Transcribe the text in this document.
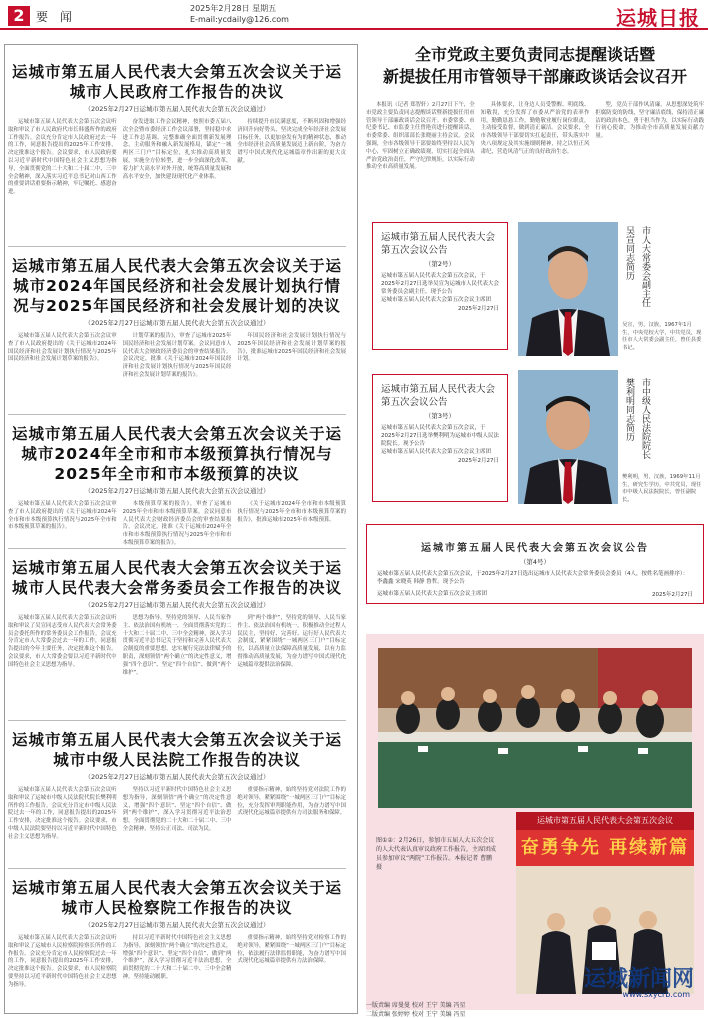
2 要 闻
2025年2月28日 星期五
E-mail:ycdaily@126.com	运城日报
运城市第五届人民代表大会第五次会议关于运城市人民政府工作报告的决议
（2025年2月27日运城市第五届人民代表大会第五次会议通过）

运城市第五届人民代表大会第五次会议听取和审议了市人民政府代市长韩盛所作的政府工作报告。会议充分肯定市人民政府过去一年的工作，同意报告提出的2025年工作安排，决定批准这个报告。会议要求，市人民政府要以习近平新时代中国特色社会主义思想为指导，全面贯彻党的二十大和二十届二中、三中全会精神，深入落实习近平总书记对山西工作的重要讲话重要指示精神，牢记嘱托、感恩奋进。

奋发进取工作会议精神，按照市委五届八次全会暨市委经济工作会议部署，坚持稳中求进工作总基调，完整准确全面贯彻新发展理念，主动服务和融入新发展格局，锚定“一城两区三门户”目标定位，扎实推动高质量发展，实施全方位转型，进一步全面深化改革，着力扩大高水平对外开放，统筹高质量发展和高水平安全，加快建设现代化产业体系。

持续提升市民满意度，不断巩固和增强经济回升向好势头，坚决完成全年经济社会发展目标任务，以更加奋发有为的精神状态，推动全市经济社会高质量发展迈上新台阶，为奋力谱写中国式现代化运城篇章作出新的更大贡献。

运城市第五届人民代表大会第五次会议关于运城市2024年国民经济和社会发展计划执行情况与2025年国民经济和社会发展计划的决议
（2025年2月27日运城市第五届人民代表大会第五次会议通过）

运城市第五届人民代表大会第五次会议审查了市人民政府提出的《关于运城市2024年国民经济和社会发展计划执行情况与2025年国民经济和社会发展计划草案的报告》。

计划草案的报告》，审查了运城市2025年国民经济和社会发展计划草案。会议同意市人民代表大会财政经济委员会的审查结果报告。会议决定，批准《关于运城市2024年国民经济和社会发展计划执行情况与2025年国民经济和社会发展计划草案的报告》。

年国民经济和社会发展计划执行情况与2025年国民经济和社会发展计划草案的报告》，批准运城市2025年国民经济和社会发展计划。

运城市第五届人民代表大会第五次会议关于运城市2024年全市和市本级预算执行情况与2025年全市和市本级预算的决议
（2025年2月27日运城市第五届人民代表大会第五次会议通过）

运城市第五届人民代表大会第五次会议审查了市人民政府提出的《关于运城市2024年全市和市本级预算执行情况与2025年全市和市本级预算草案的报告》。

本级预算草案的报告》，审查了运城市2025年全市和市本级预算草案。会议同意市人民代表大会财政经济委员会的审查结果报告。会议决定，批准《关于运城市2024年全市和市本级预算执行情况与2025年全市和市本级预算草案的报告》。

《关于运城市2024年全市和市本级预算执行情况与2025年全市和市本级预算草案的报告》，批准运城市2025年市本级预算。

运城市第五届人民代表大会第五次会议关于运城市人民代表大会常务委员会工作报告的决议
（2025年2月27日运城市第五届人民代表大会第五次会议通过）

运城市第五届人民代表大会第五次会议听取和审议了吴宣同志受市人民代表大会常务委员会委托所作的常务委员会工作报告。会议充分肯定市人大常委会过去一年的工作，同意报告提出的今年主要任务，决定批准这个报告。会议要求，市人大常委会要以习近平新时代中国特色社会主义思想为指导。

思想为指导，坚持党的领导、人民当家作主、依法治国有机统一，全面贯彻落实党的二十大和二十届二中、三中全会精神，深入学习贯彻习近平总书记关于坚持和完善人民代表大会制度的重要思想，忠实履行宪法法律赋予的职责，深刻领悟“两个确立”的决定性意义，增强“四个意识”、坚定“四个自信”、做到“两个维护”。

到“两个维护”，坚持党的领导、人民当家作主、依法治国有机统一，积极推动全过程人民民主，坚持好、完善好、运行好人民代表大会制度，紧紧围绕“一城两区三门户”目标定位，以高质量立法保障高质量发展，以有力监督推动高质量发展，为奋力谱写中国式现代化运城篇章提供法治保障。

运城市第五届人民代表大会第五次会议关于运城市中级人民法院工作报告的决议
（2025年2月27日运城市第五届人民代表大会第五次会议通过）

运城市第五届人民代表大会第五次会议听取和审议了运城市中级人民法院代院长樊利明所作的工作报告。会议充分肯定市中级人民法院过去一年的工作，同意报告提出的2025年工作安排，决定批准这个报告。会议要求，市中级人民法院要坚持以习近平新时代中国特色社会主义思想为指导。

坚持以习近平新时代中国特色社会主义思想为指导，深刻领悟“两个确立”的决定性意义，增强“四个意识”、坚定“四个自信”、做到“两个维护”，深入学习贯彻习近平法治思想，全面贯彻党的二十大和二十届二中、三中全会精神，坚持公正司法、司法为民。

重要指示精神，始终坚持党对法院工作的绝对领导，紧紧围绕“一城两区三门户”目标定位，充分发挥审判职能作用，为奋力谱写中国式现代化运城篇章提供有力司法服务和保障。

运城市第五届人民代表大会第五次会议关于运城市人民检察院工作报告的决议
（2025年2月27日运城市第五届人民代表大会第五次会议通过）

运城市第五届人民代表大会第五次会议听取和审议了运城市人民检察院检察长所作的工作报告。会议充分肯定市人民检察院过去一年的工作，同意报告提出的2025年工作安排，决定批准这个报告。会议要求，市人民检察院要坚持以习近平新时代中国特色社会主义思想为指导。

持以习近平新时代中国特色社会主义思想为指导，深刻领悟“两个确立”的决定性意义，增强“四个意识”、坚定“四个自信”、做到“两个维护”，深入学习贯彻习近平法治思想，全面贯彻党的二十大和二十届二中、三中全会精神，坚持能动履职。

重要指示精神，始终坚持党对检察工作的绝对领导，紧紧围绕“一城两区三门户”目标定位，依法履行法律监督职能，为奋力谱写中国式现代化运城篇章提供有力法治保障。

全市党政主要负责同志提醒谈话暨
新提拔任用市管领导干部廉政谈话会议召开

本报讯（记者 郑智轩）2月27日下午，全市党政主要负责同志提醒谈话暨新提拔任用市管领导干部廉政谈话会议召开。市委常委、市纪委书记、市监委主任曾艳宾进行提醒谈话，市委常委、组织部部长张晓丽主持会议。会议强调，全市各级领导干部要始终坚持以人民为中心，牢固树立正确政绩观，切实扛起全面从严治党政治责任，严守纪律规矩，以实际行动推动全市高质量发展。

具体要求，让身边人员受警醒、明底线、知敬畏，充分发挥了市委从严治党的表率作用，勤勤恳恳工作，勤勉敬业履行岗位职责，主动接受监督，做到清正廉洁。会议要求，全市各级领导干部要切实扛起责任，带头落实中央八项规定及其实施细则精神，持之以恒正风肃纪，营造风清气正的良好政治生态。

型，党员干部作风清廉，从思想深处筑牢拒腐防变的防线，坚守廉洁底线，保持清正廉洁的政治本色，勇于担当作为，以实际行动践行初心使命，为推动全市高质量发展贡献力量。

运城市第五届人民代表大会第五次会议公告
（第2号）
运城市第五届人民代表大会第五次会议，于2025年2月27日选举吴宣为运城市人民代表大会常务委员会副主任。现予公告
运城市第五届人民代表大会第五次会议主席团
2025年2月27日
吴宣同志简历 市人大常委会副主任
吴宣，男，汉族，1967年1月生，中央党校大学，中共党员，现任市人大常委会副主任，曾任县委书记。
运城市第五届人民代表大会第五次会议公告
（第3号）
运城市第五届人民代表大会第五次会议，于2025年2月27日选举樊利明为运城市中级人民法院院长。现予公告
运城市第五届人民代表大会第五次会议主席团
2025年2月27日
樊利明同志简历 市中级人民法院院长
樊利明，男，汉族，1969年11月生，研究生学历，中共党员，现任市中级人民法院院长，曾任副院长。
运城市第五届人民代表大会第五次会议公告
（第4号）
运城市第五届人民代表大会第五次会议，于2025年2月27日选出运城市人民代表大会常务委员会委员（4人，按姓名笔画排序）：李鑫鑫 宋晓英 韩静 鲁哲。现予公告
运城市第五届人民代表大会第五次会议主席团	2025年2月27日
图①②：2月26日，参加市五届人大五次会议的人大代表认真审议政府工作报告，主席团成员参加审议“两院”工作报告。本报记者 曹鹏 摄
运城市第五届人民代表大会第五次会议
奋勇争先 再续新篇
运城新闻网
www.sxycrb.com
一版责编 席曼曼 校对 王宁 美编 冯星
二版责编 张婷婷 校对 王宁 美编 冯星
